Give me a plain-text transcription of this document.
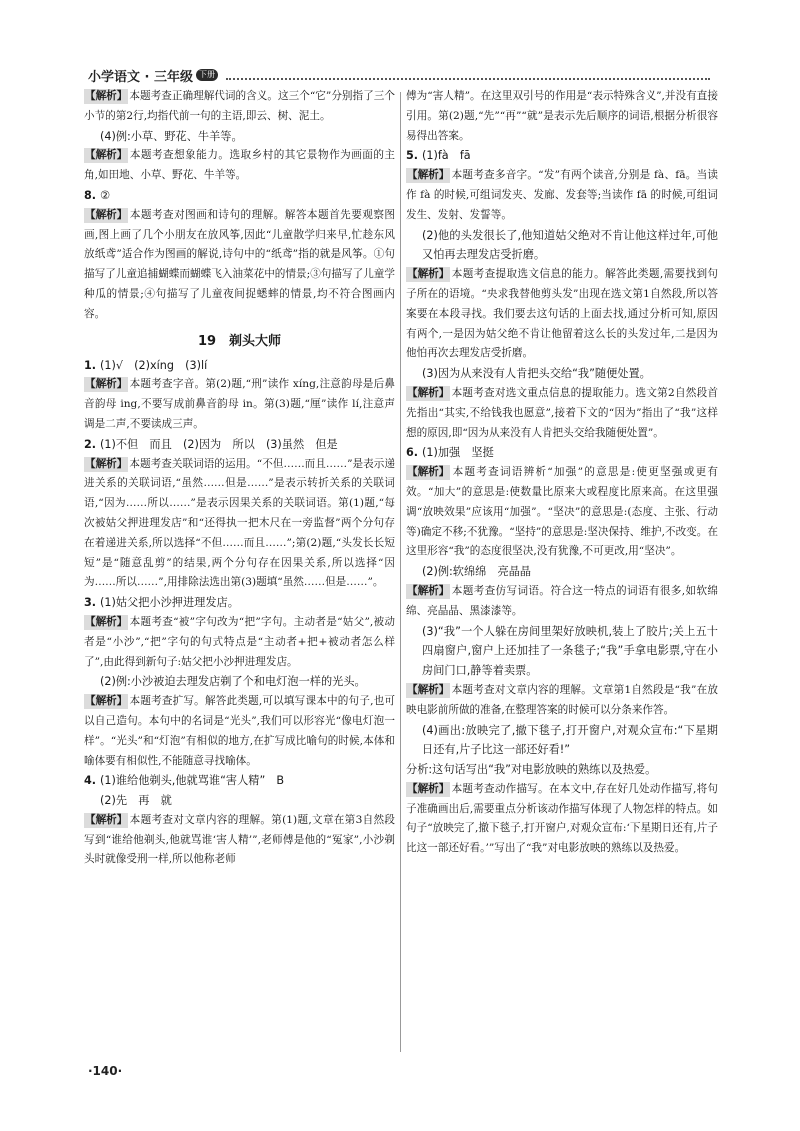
小学语文 · 三年级 下册

【解析】 本题考查正确理解代词的含义。这三个“它”分别指了三个小节的第2行,均指代前一句的主语,即云、树、泥土。

(4)例:小草、野花、牛羊等。

【解析】 本题考查想象能力。选取乡村的其它景物作为画面的主角,如田地、小草、野花、牛羊等。

8. ②

【解析】 本题考查对图画和诗句的理解。解答本题首先要观察图画,图上画了几个小朋友在放风筝,因此“儿童散学归来早,忙趁东风放纸鸢”适合作为图画的解说,诗句中的“纸鸢”指的就是风筝。①句描写了儿童追捕蝴蝶而蝴蝶飞入油菜花中的情景;③句描写了儿童学种瓜的情景;④句描写了儿童夜间捉蟋蟀的情景,均不符合图画内容。

19　剃头大师

1. (1)√　(2)xíng　(3)lí

【解析】 本题考查字音。第(2)题,“刑”读作 xíng,注意韵母是后鼻音韵母 ing,不要写成前鼻音韵母 in。第(3)题,“厘”读作 lí,注意声调是二声,不要读成三声。

2. (1)不但　而且　(2)因为　所以　(3)虽然　但是

【解析】 本题考查关联词语的运用。“不但……而且……”是表示递进关系的关联词语,“虽然……但是……”是表示转折关系的关联词语,“因为……所以……”是表示因果关系的关联词语。第(1)题,“每次被姑父押进理发店”和“还得执一把木尺在一旁监督”两个分句存在着递进关系,所以选择“不但……而且……”;第(2)题,“头发长长短短”是“随意乱剪”的结果,两个分句存在因果关系,所以选择“因为……所以……”,用排除法选出第(3)题填“虽然……但是……”。

3. (1)姑父把小沙押进理发店。

【解析】 本题考查“被”字句改为“把”字句。主动者是“姑父”,被动者是“小沙”,“把”字句的句式特点是“主动者+把+被动者怎么样了”,由此得到新句子:姑父把小沙押进理发店。

(2)例:小沙被迫去理发店剃了个和电灯泡一样的光头。

【解析】 本题考查扩写。解答此类题,可以填写课本中的句子,也可以自己造句。本句中的名词是“光头”,我们可以形容光“像电灯泡一样”。“光头”和“灯泡”有相似的地方,在扩写成比喻句的时候,本体和喻体要有相似性,不能随意寻找喻体。

4. (1)谁给他剃头,他就骂谁“害人精”　B

(2)先　再　就

【解析】 本题考查对文章内容的理解。第(1)题,文章在第3自然段写到“谁给他剃头,他就骂谁‘害人精’”,老师傅是他的“冤家”,小沙剃头时就像受刑一样,所以他称老师

傅为“害人精”。在这里双引号的作用是“表示特殊含义”,并没有直接引用。第(2)题,“先”“再”“就”是表示先后顺序的词语,根据分析很容易得出答案。

5. (1)fà　fā

【解析】 本题考查多音字。“发”有两个读音,分别是 fà、fā。当读作 fà 的时候,可组词发夹、发廊、发套等;当读作 fā 的时候,可组词发生、发射、发誓等。

(2)他的头发很长了,他知道姑父绝对不肯让他这样过年,可他又怕再去理发店受折磨。

【解析】 本题考查提取选文信息的能力。解答此类题,需要找到句子所在的语境。“央求我替他剪头发”出现在选文第1自然段,所以答案要在本段寻找。我们要去这句话的上面去找,通过分析可知,原因有两个,一是因为姑父绝不肯让他留着这么长的头发过年,二是因为他怕再次去理发店受折磨。

(3)因为从来没有人肯把头交给“我”随便处置。

【解析】 本题考查对选文重点信息的提取能力。选文第2自然段首先指出“其实,不给钱我也愿意”,接着下文的“因为”指出了“我”这样想的原因,即“因为从来没有人肯把头交给我随便处置”。

6. (1)加强　坚挺

【解析】 本题考查词语辨析“加强”的意思是:使更坚强或更有效。“加大”的意思是:使数量比原来大或程度比原来高。在这里强调“放映效果”应该用“加强”。“坚决”的意思是:(态度、主张、行动等)确定不移;不犹豫。“坚持”的意思是:坚决保持、维护,不改变。在这里形容“我”的态度很坚决,没有犹豫,不可更改,用“坚决”。

(2)例:软绵绵　亮晶晶

【解析】 本题考查仿写词语。符合这一特点的词语有很多,如软绵绵、亮晶晶、黑漆漆等。

(3)“我”一个人躲在房间里架好放映机,装上了胶片;关上五十四扇窗户,窗户上还加挂了一条毯子;“我”手拿电影票,守在小房间门口,静等着卖票。

【解析】 本题考查对文章内容的理解。文章第1自然段是“我”在放映电影前所做的准备,在整理答案的时候可以分条来作答。

(4)画出:放映完了,撤下毯子,打开窗户,对观众宣布:“下星期日还有,片子比这一部还好看!”

分析:这句话写出“我”对电影放映的熟练以及热爱。

【解析】 本题考查动作描写。在本文中,存在好几处动作描写,将句子准确画出后,需要重点分析该动作描写体现了人物怎样的特点。如句子“放映完了,撤下毯子,打开窗户,对观众宣布:‘下星期日还有,片子比这一部还好看。’”写出了“我”对电影放映的熟练以及热爱。

·140·
